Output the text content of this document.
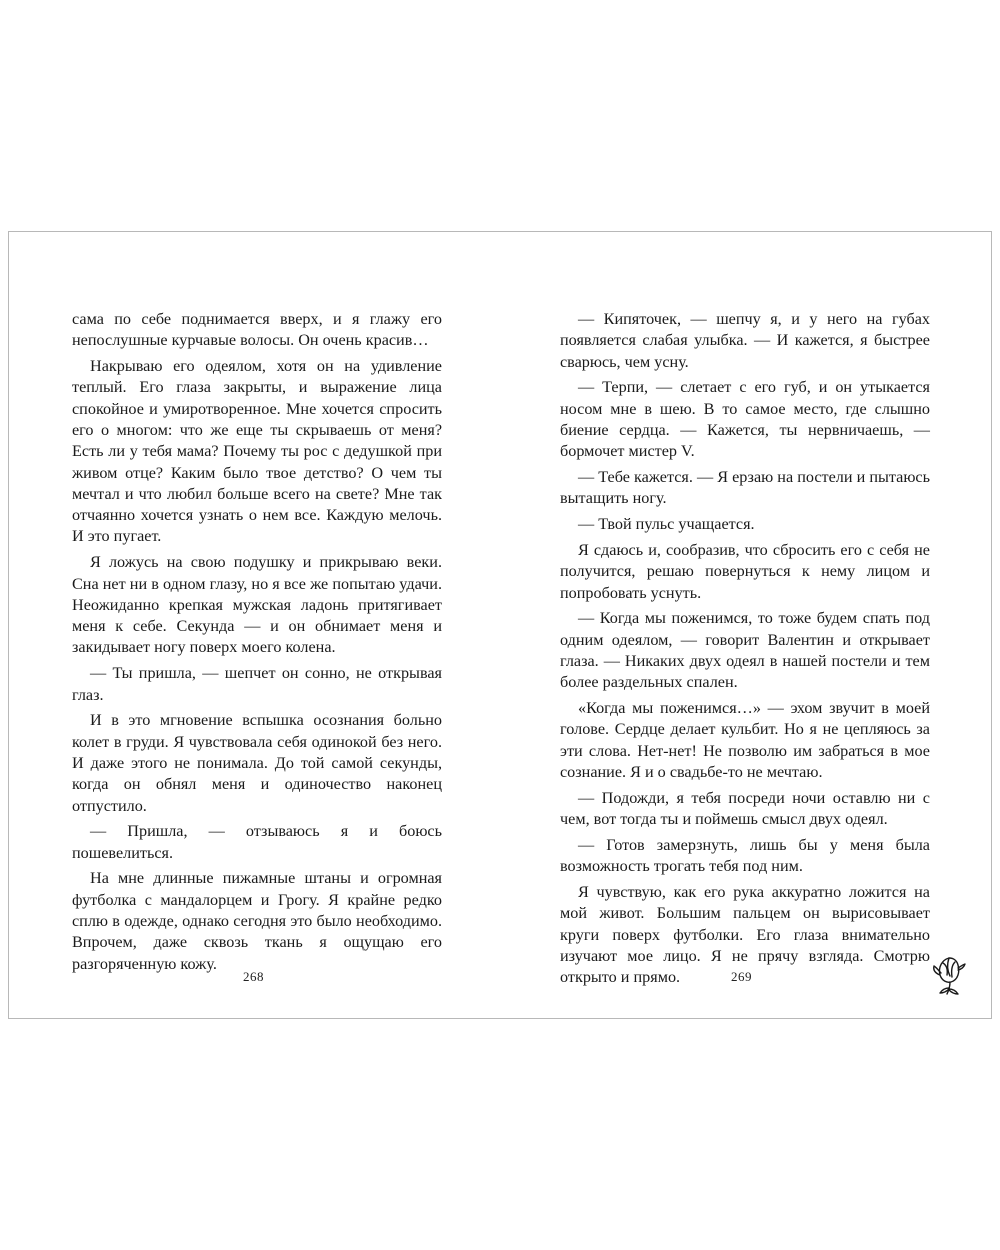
сама по себе поднимается вверх, и я глажу его непослушные курчавые волосы. Он очень красив…

Накрываю его одеялом, хотя он на удивление теплый. Его глаза закрыты, и выражение лица спокойное и умиротворенное. Мне хочется спросить его о многом: что же еще ты скрываешь от меня? Есть ли у тебя мама? Почему ты рос с дедушкой при живом отце? Каким было твое детство? О чем ты мечтал и что любил больше всего на свете? Мне так отчаянно хочется узнать о нем все. Каждую мелочь. И это пугает.

Я ложусь на свою подушку и прикрываю веки. Сна нет ни в одном глазу, но я все же попытаю удачи. Неожиданно крепкая мужская ладонь притягивает меня к себе. Секунда — и он обнимает меня и закидывает ногу поверх моего колена.

— Ты пришла, — шепчет он сонно, не открывая глаз.

И в это мгновение вспышка осознания больно колет в груди. Я чувствовала себя одинокой без него. И даже этого не понимала. До той самой секунды, когда он обнял меня и одиночество наконец отпустило.

— Пришла, — отзываюсь я и боюсь пошевелиться.

На мне длинные пижамные штаны и огромная футболка с мандалорцем и Грогу. Я крайне редко сплю в одежде, однако сегодня это было необходимо. Впрочем, даже сквозь ткань я ощущаю его разгоряченную кожу.

268

— Кипяточек, — шепчу я, и у него на губах появляется слабая улыбка. — И кажется, я быстрее сварюсь, чем усну.

— Терпи, — слетает с его губ, и он утыкается носом мне в шею. В то самое место, где слышно биение сердца. — Кажется, ты нервничаешь, — бормочет мистер V.

— Тебе кажется. — Я ерзаю на постели и пытаюсь вытащить ногу.

— Твой пульс учащается.

Я сдаюсь и, сообразив, что сбросить его с себя не получится, решаю повернуться к нему лицом и попробовать уснуть.

— Когда мы поженимся, то тоже будем спать под одним одеялом, — говорит Валентин и открывает глаза. — Никаких двух одеял в нашей постели и тем более раздельных спален.

«Когда мы поженимся…» — эхом звучит в моей голове. Сердце делает кульбит. Но я не цепляюсь за эти слова. Нет-нет! Не позволю им забраться в мое сознание. Я и о свадьбе-то не мечтаю.

— Подожди, я тебя посреди ночи оставлю ни с чем, вот тогда ты и поймешь смысл двух одеял.

— Готов замерзнуть, лишь бы у меня была возможность трогать тебя под ним.

Я чувствую, как его рука аккуратно ложится на мой живот. Большим пальцем он вырисовывает круги поверх футболки. Его глаза внимательно изучают мое лицо. Я не прячу взгляда. Смотрю открыто и прямо.	269
